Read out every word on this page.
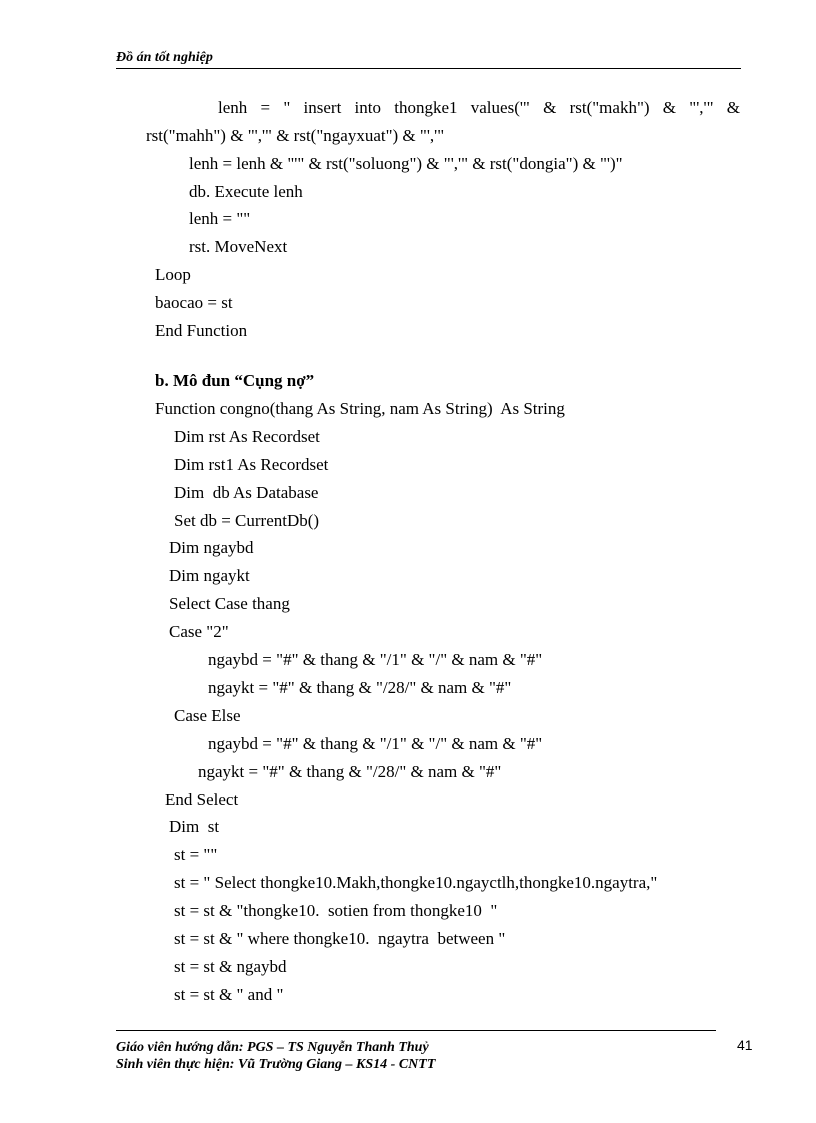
Đồ án tốt nghiệp
lenh = " insert into thongke1 values('" & rst("makh") & "','" &
rst("mahh") & "','" & rst("ngayxuat") & "','"
lenh = lenh & "'" & rst("soluong") & "','" & rst("dongia") & "')"
db. Execute lenh
lenh = ""
rst. MoveNext
Loop
baocao = st
End Function
b. Mô đun “Cụng nợ”
Function congno(thang As String, nam As String)  As String
Dim rst As Recordset
Dim rst1 As Recordset
Dim  db As Database
Set db = CurrentDb()
Dim ngaybd
Dim ngaykt
Select Case thang
Case "2"
ngaybd = "#" & thang & "/1" & "/" & nam & "#"
ngaykt = "#" & thang & "/28/" & nam & "#"
Case Else
ngaybd = "#" & thang & "/1" & "/" & nam & "#"
ngaykt = "#" & thang & "/28/" & nam & "#"
End Select
Dim  st
st = ""
st = " Select thongke10.Makh,thongke10.ngayctlh,thongke10.ngaytra,"
st = st & "thongke10.  sotien from thongke10  "
st = st & " where thongke10.  ngaytra  between "
st = st & ngaybd
st = st & " and "
Giáo viên hướng dẫn: PGS – TS Nguyễn Thanh Thuỷ
Sinh viên thực hiện: Vũ Trường Giang – KS14 - CNTT
41
